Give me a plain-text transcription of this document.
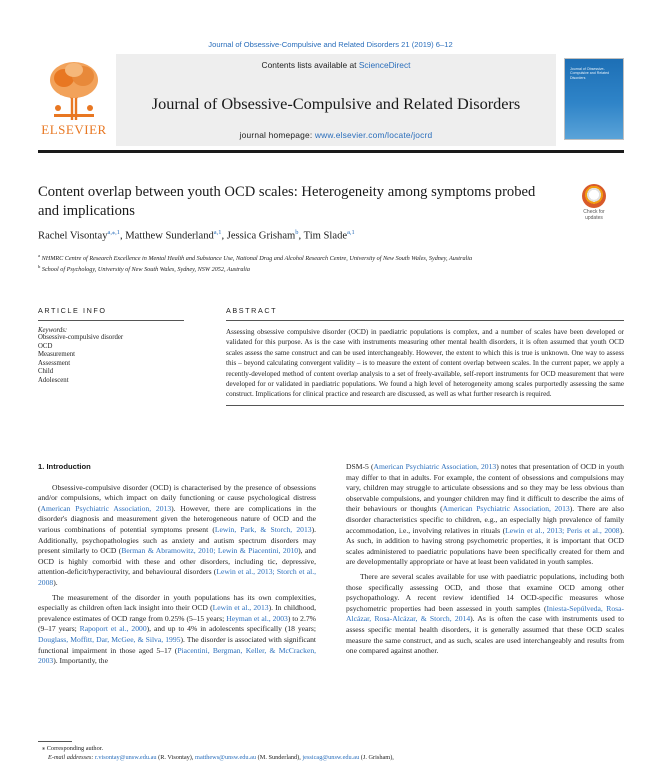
Journal of Obsessive-Compulsive and Related Disorders 21 (2019) 6–12
ELSEVIER
Contents lists available at ScienceDirect
Journal of Obsessive-Compulsive and Related Disorders
journal homepage: www.elsevier.com/locate/jocrd
Journal of Obsessive-Compulsive and Related Disorders
Content overlap between youth OCD scales: Heterogeneity among symptoms probed and implications	Check for updates
Rachel Visontay$^{a,⁎,1}$, Matthew Sunderland$^{a,1}$, Jessica Grisham$^b$, Tim Slade$^{a,1}$
$^a$ NHMRC Centre of Research Excellence in Mental Health and Substance Use, National Drug and Alcohol Research Centre, University of New South Wales, Sydney, Australia
$^b$ School of Psychology, University of New South Wales, Sydney, NSW 2052, Australia
ARTICLE INFO
Keywords:
Obsessive-compulsive disorder
OCD
Measurement
Assessment
Child
Adolescent
ABSTRACT
Assessing obsessive compulsive disorder (OCD) in paediatric populations is complex, and a number of scales have been developed or validated for this purpose. As is the case with instruments measuring other mental health disorders, it is often assumed that youth OCD scales assess the same construct and can be used interchangeably. However, the extent to which this is true is unknown. One way to assess this – beyond calculating convergent validity – is to measure the extent of content overlap between scales. In the current paper, we apply a recently-developed method of content overlap analysis to a set of freely-available, self-report instruments for OCD measurement that were developed for or validated in paediatric populations. We found a high level of heterogeneity among scales purportedly assessing the same construct. Implications for clinical practice and research are discussed, as well as what further research is required.
1. Introduction

Obsessive-compulsive disorder (OCD) is characterised by the presence of obsessions and/or compulsions, which impact on daily functioning or cause psychological distress (American Psychiatric Association, 2013). However, there are complications in the disorder's diagnosis and measurement given the heterogeneous nature of OCD and the various combinations of potential symptoms present (Lewin, Park, & Storch, 2013). Additionally, psychopathologies such as anxiety and autism spectrum disorders may present similarly to OCD (Berman & Abramowitz, 2010; Lewin & Piacentini, 2010), and OCD is highly comorbid with these and other disorders, including tic, depressive, attention-deficit/hyperactivity, and behavioural disorders (Lewin et al., 2013; Storch et al., 2008).

The measurement of the disorder in youth populations has its own complexities, especially as children often lack insight into their OCD (Lewin et al., 2013). In childhood, prevalence estimates of OCD range from 0.25% (5–15 years; Heyman et al., 2003) to 2.7% (9–17 years; Rapoport et al., 2000), and up to 4% in adolescents specifically (18 years; Douglass, Moffitt, Dar, McGee, & Silva, 1995). The disorder is associated with significant functional impairment in those aged 5–17 (Piacentini, Bergman, Keller, & McCracken, 2003). Importantly, the

DSM-5 (American Psychiatric Association, 2013) notes that presentation of OCD in youth may differ to that in adults. For example, the content of obsessions and compulsions may vary, children may struggle to articulate obsessions and so they may be less obvious than observable compulsions, and younger children may find it difficult to describe the aims of their behaviours or thoughts (American Psychiatric Association, 2013). There are also disorder characteristics specific to children, e.g., an especially high prevalence of family accommodation, i.e., involving relatives in rituals (Lewin et al., 2013; Peris et al., 2008). As such, in addition to having strong psychometric properties, it is important that OCD scales administered to paediatric populations have been specifically created for them and are developmentally appropriate or have at least been validated in youth samples.

There are several scales available for use with paediatric populations, including both those specifically assessing OCD, and those that examine OCD among other psychopathology. A recent review identified 14 OCD-specific measures whose psychometric properties had been assessed in youth samples (Iniesta-Sepúlveda, Rosa-Alcázar, Rosa-Alcázar, & Storch, 2014). As is often the case with instruments used to assess specific mental health disorders, it is generally assumed that these OCD scales measure the same construct, and as such, scales are used interchangeably and results from one compared against another.

⁎ Corresponding author.
E-mail addresses: r.visontay@unsw.edu.au (R. Visontay), matthews@unsw.edu.au (M. Sunderland), jessicag@unsw.edu.au (J. Grisham),
